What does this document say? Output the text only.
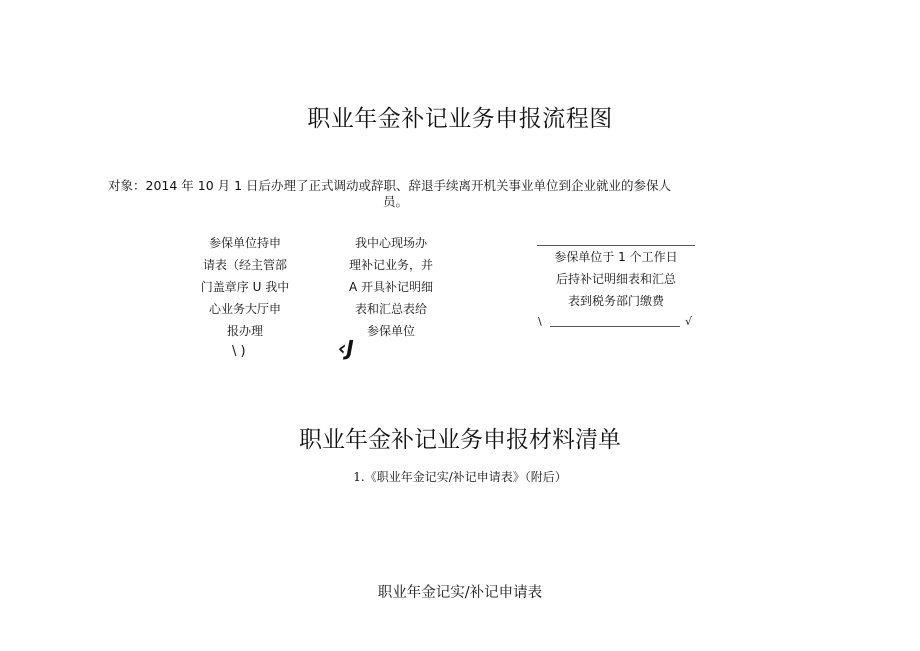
职业年金补记业务申报流程图
对象：2014 年 10 月 1 日后办理了正式调动或辞职、辞退手续离开机关事业单位到企业就业的参保人
员。
参保单位持申
请表（经主管部
门盖章序 U 我中
心业务大厅申
报办理
\ )
我中心现场办
理补记业务，并
A 开具补记明细
表和汇总表给
参保单位
‹J
参保单位于 1 个工作日
后持补记明细表和汇总
表到税务部门缴费
\	√
职业年金补记业务申报材料清单
1.《职业年金记实/补记申请表》（附后）
职业年金记实/补记申请表
